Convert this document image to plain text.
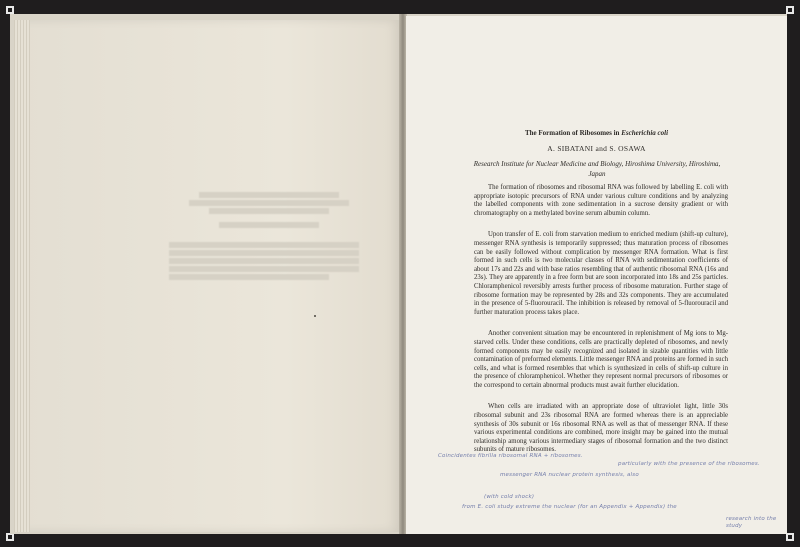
The Formation of Ribosomes in Escherichia coli
A. SIBATANI and S. OSAWA
Research Institute for Nuclear Medicine and Biology, Hiroshima University, Hiroshima, Japan

The formation of ribosomes and ribosomal RNA was followed by labelling E. coli with appropriate isotopic precursors of RNA under various culture conditions and by analyzing the labelled components with zone sedimentation in a sucrose density gradient or with chromatography on a methylated bovine serum albumin column.

Upon transfer of E. coli from starvation medium to enriched medium (shift-up culture), messenger RNA synthesis is temporarily suppressed; thus maturation process of ribosomes can be easily followed without complication by messenger RNA formation. What is first formed in such cells is two molecular classes of RNA with sedimentation coefficients of about 17s and 22s and with base ratios resembling that of authentic ribosomal RNA (16s and 23s). They are apparently in a free form but are soon incorporated into 18s and 25s particles. Chloramphenicol reversibly arrests further process of ribosome maturation. Further stage of ribosome formation may be represented by 28s and 32s components. They are accumulated in the presence of 5-fluorouracil. The inhibition is released by removal of 5-fluorouracil and further maturation process takes place.

Another convenient situation may be encountered in replenishment of Mg ions to Mg-starved cells. Under these conditions, cells are practically depleted of ribosomes, and newly formed components may be easily recognized and isolated in sizable quantities with little contamination of preformed elements. Little messenger RNA and proteins are formed in such cells, and what is formed resembles that which is synthesized in cells of shift-up culture in the presence of chloramphenicol. Whether they represent normal precursors of ribosomes or the correspond to certain abnormal products must await further elucidation.

When cells are irradiated with an appropriate dose of ultraviolet light, little 30s ribosomal subunit and 23s ribosomal RNA are formed whereas there is an appreciable synthesis of 30s subunit or 16s ribosomal RNA as well as that of messenger RNA. If these various experimental conditions are combined, more insight may be gained into the mutual relationship among various intermediary stages of ribosomal formation and the two distinct subunits of mature ribosomes.

Coincidentes fibrilla ribosomal RNA + ribosomes.
messenger RNA nuclear protein synthesis, also
particularly with the presence of the ribosomes.
(with cold shock)
from E. coli study extreme the nuclear (for an Appendix + Appendix) the
research into the study
